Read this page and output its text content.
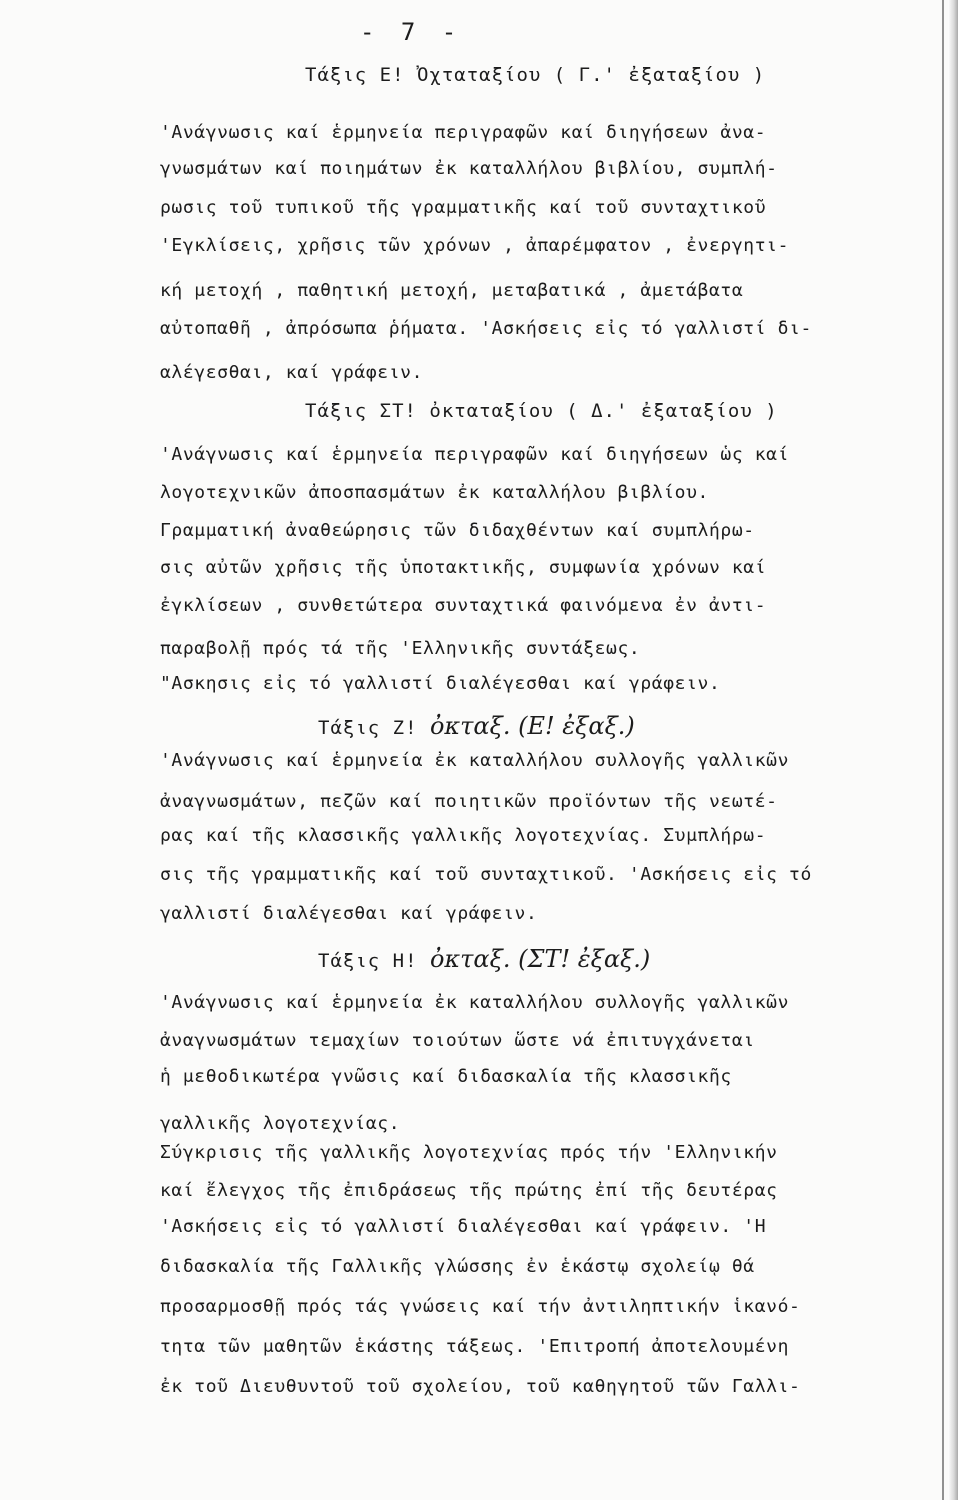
- 7 -
Τάξις Ε! Ὀχταταξίου ( Γ.' ἐξαταξίου )
'Ανάγνωσις καί ἑρμηνεία περιγραφῶν καί διηγήσεων ἀνα-
γνωσμάτων καί ποιημάτων ἐκ καταλλήλου βιβλίου, συμπλή-
ρωσις τοῦ τυπικοῦ τῆς γραμματικῆς καί τοῦ συνταχτικοῦ
'Εγκλίσεις, χρῆσις τῶν χρόνων , ἀπαρέμφατον , ἐνεργητι-
κή μετοχή , παθητική μετοχή, μεταβατικά , ἀμετάβατα
αὐτοπαθῆ , ἀπρόσωπα ῥήματα. 'Ασκήσεις εἰς τό γαλλιστί δι-
αλέγεσθαι, καί γράφειν.
Τάξις ΣΤ! ὀκταταξίου ( Δ.' ἐξαταξίου )
'Ανάγνωσις καί ἑρμηνεία περιγραφῶν καί διηγήσεων ὡς καί
λογοτεχνικῶν ἀποσπασμάτων ἐκ καταλλήλου βιβλίου.
Γραμματική ἀναθεώρησις τῶν διδαχθέντων καί συμπλήρω-
σις αὐτῶν χρῆσις τῆς ὑποτακτικῆς, συμφωνία χρόνων καί
ἐγκλίσεων , συνθετώτερα συνταχτικά φαινόμενα ἐν ἀντι-
παραβολῇ πρός τά τῆς 'Ελληνικῆς συντάξεως.
"Ασκησις εἰς τό γαλλιστί διαλέγεσθαι καί γράφειν.
Τάξις Ζ! ὀκταξ. (Ε! ἐξαξ.)
'Ανάγνωσις καί ἑρμηνεία ἐκ καταλλήλου συλλογῆς γαλλικῶν
ἀναγνωσμάτων, πεζῶν καί ποιητικῶν προϊόντων τῆς νεωτέ-
ρας καί τῆς κλασσικῆς γαλλικῆς λογοτεχνίας. Συμπλήρω-
σις τῆς γραμματικῆς καί τοῦ συνταχτικοῦ. 'Ασκήσεις εἰς τό
γαλλιστί διαλέγεσθαι καί γράφειν.
Τάξις Η! ὀκταξ. (ΣΤ! ἐξαξ.)
'Ανάγνωσις καί ἑρμηνεία ἐκ καταλλήλου συλλογῆς γαλλικῶν
ἀναγνωσμάτων τεμαχίων τοιούτων ὥστε νά ἐπιτυγχάνεται
ἡ μεθοδικωτέρα γνῶσις καί διδασκαλία τῆς κλασσικῆς
γαλλικῆς λογοτεχνίας.
Σύγκρισις τῆς γαλλικῆς λογοτεχνίας πρός τήν 'Ελληνικήν
καί ἔλεγχος τῆς ἐπιδράσεως τῆς πρώτης ἐπί τῆς δευτέρας
'Ασκήσεις εἰς τό γαλλιστί διαλέγεσθαι καί γράφειν. 'Η
διδασκαλία τῆς Γαλλικῆς γλώσσης ἐν ἑκάστῳ σχολείῳ θά
προσαρμοσθῇ πρός τάς γνώσεις καί τήν ἀντιληπτικήν ἱκανό-
τητα τῶν μαθητῶν ἑκάστης τάξεως. 'Επιτροπή ἀποτελουμένη
ἐκ τοῦ Διευθυντοῦ τοῦ σχολείου, τοῦ καθηγητοῦ τῶν Γαλλι-
